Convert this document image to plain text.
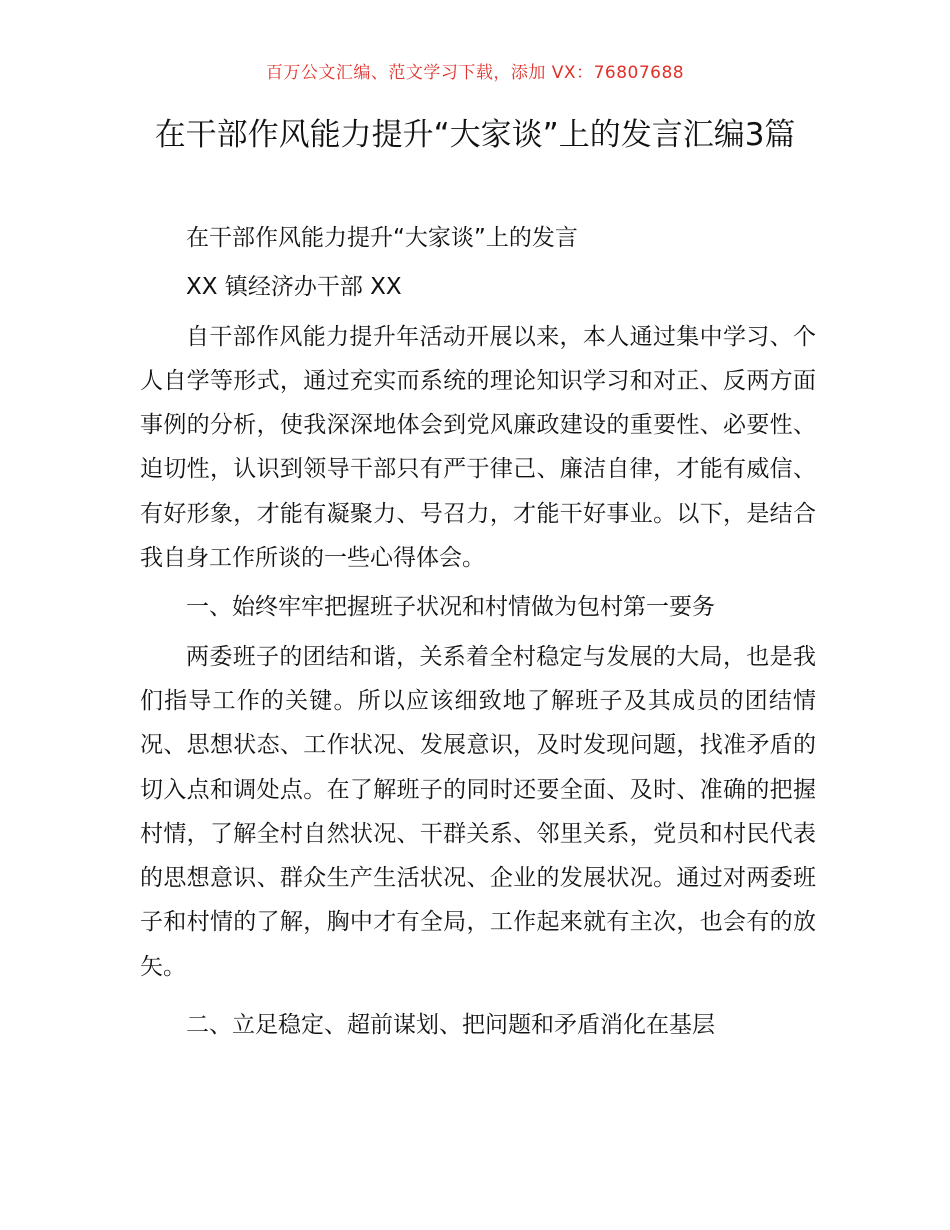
百万公文汇编、范文学习下载，添加 VX：76807688
在干部作风能力提升“大家谈”上的发言汇编3篇

在干部作风能力提升“大家谈”上的发言

XX 镇经济办干部 XX

自干部作风能力提升年活动开展以来，本人通过集中学习、个人自学等形式，通过充实而系统的理论知识学习和对正、反两方面事例的分析，使我深深地体会到党风廉政建设的重要性、必要性、迫切性，认识到领导干部只有严于律己、廉洁自律，才能有威信、有好形象，才能有凝聚力、号召力，才能干好事业。以下，是结合我自身工作所谈的一些心得体会。

一、始终牢牢把握班子状况和村情做为包村第一要务

两委班子的团结和谐，关系着全村稳定与发展的大局，也是我们指导工作的关键。所以应该细致地了解班子及其成员的团结情况、思想状态、工作状况、发展意识，及时发现问题，找准矛盾的切入点和调处点。在了解班子的同时还要全面、及时、准确的把握村情，了解全村自然状况、干群关系、邻里关系，党员和村民代表的思想意识、群众生产生活状况、企业的发展状况。通过对两委班子和村情的了解，胸中才有全局，工作起来就有主次，也会有的放矢。

二、立足稳定、超前谋划、把问题和矛盾消化在基层
